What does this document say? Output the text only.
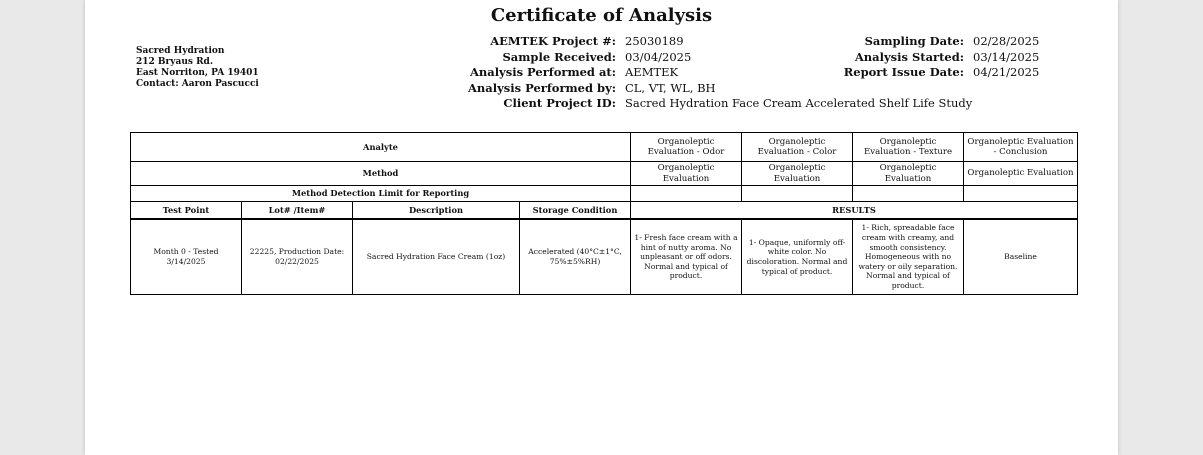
Certificate of Analysis
Sacred Hydration
212 Bryaus Rd.
East Norriton, PA 19401
Contact: Aaron Pascucci
AEMTEK Project #: 25030189
Sample Received: 03/04/2025
Analysis Performed at: AEMTEK
Analysis Performed by: CL, VT, WL, BH
Client Project ID: Sacred Hydration Face Cream Accelerated Shelf Life Study
Sampling Date: 02/28/2025
Analysis Started: 03/14/2025
Report Issue Date: 04/21/2025
Analyte				Organoleptic Evaluation - Odor	Organoleptic Evaluation - Color	Organoleptic Evaluation - Texture	Organoleptic Evaluation - Conclusion
Method				Organoleptic Evaluation	Organoleptic Evaluation	Organoleptic Evaluation	Organoleptic Evaluation
Method Detection Limit for Reporting							
Test Point	Lot# /Item#	Description	Storage Condition	RESULTS			
Month 0 - Tested 3/14/2025	22225, Production Date: 02/22/2025	Sacred Hydration Face Cream (1oz)	Accelerated (40°C±1°C, 75%±5%RH)	1- Fresh face cream with a hint of nutty aroma. No unpleasant or off odors. Normal and typical of product.	1- Opaque, uniformly off-white color. No discoloration. Normal and typical of product.	1- Rich, spreadable face cream with creamy, and smooth consistency. Homogeneous with no watery or oily separation. Normal and typical of product.	Baseline
